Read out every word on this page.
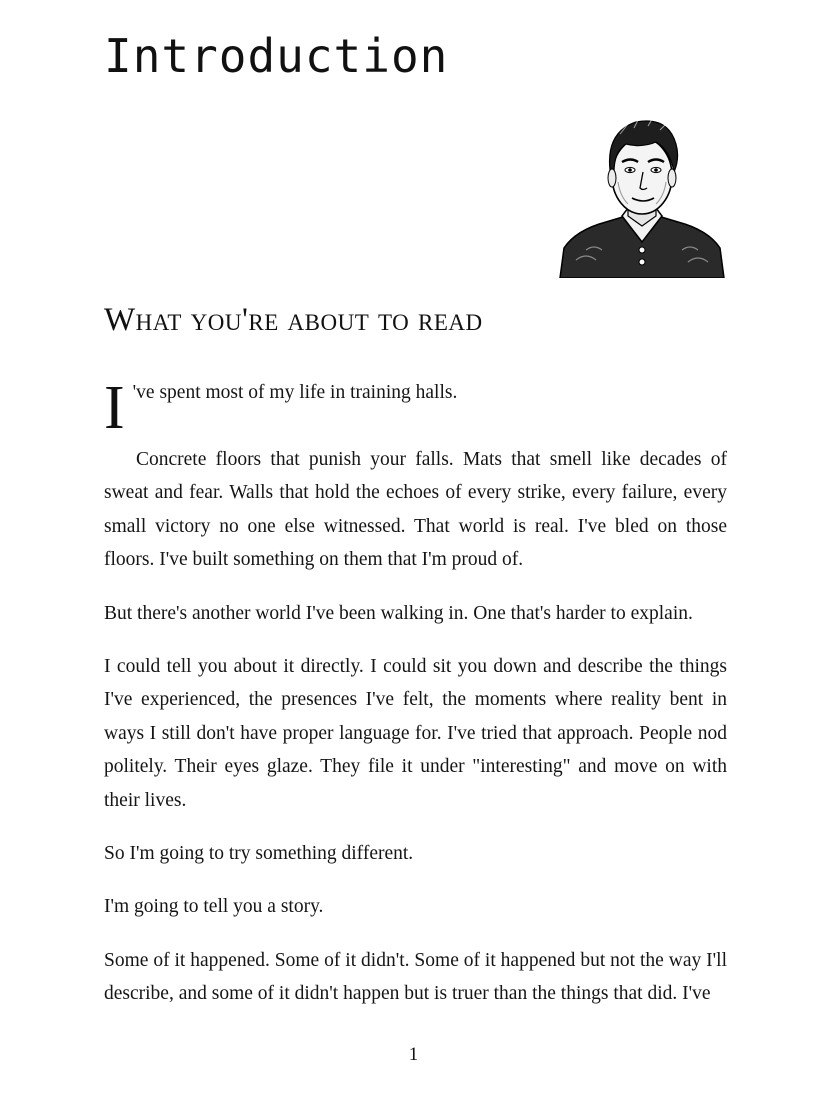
Introduction
What you're about to read

I 've spent most of my life in training halls.

Concrete floors that punish your falls. Mats that smell like decades of sweat and fear. Walls that hold the echoes of every strike, every failure, every small victory no one else witnessed. That world is real. I've bled on those floors. I've built something on them that I'm proud of.

But there's another world I've been walking in. One that's harder to explain.

I could tell you about it directly. I could sit you down and describe the things I've experienced, the presences I've felt, the moments where reality bent in ways I still don't have proper language for. I've tried that approach. People nod politely. Their eyes glaze. They file it under "interesting" and move on with their lives.

So I'm going to try something different.

I'm going to tell you a story.

Some of it happened. Some of it didn't. Some of it happened but not the way I'll describe, and some of it didn't happen but is truer than the things that did. I've

1
